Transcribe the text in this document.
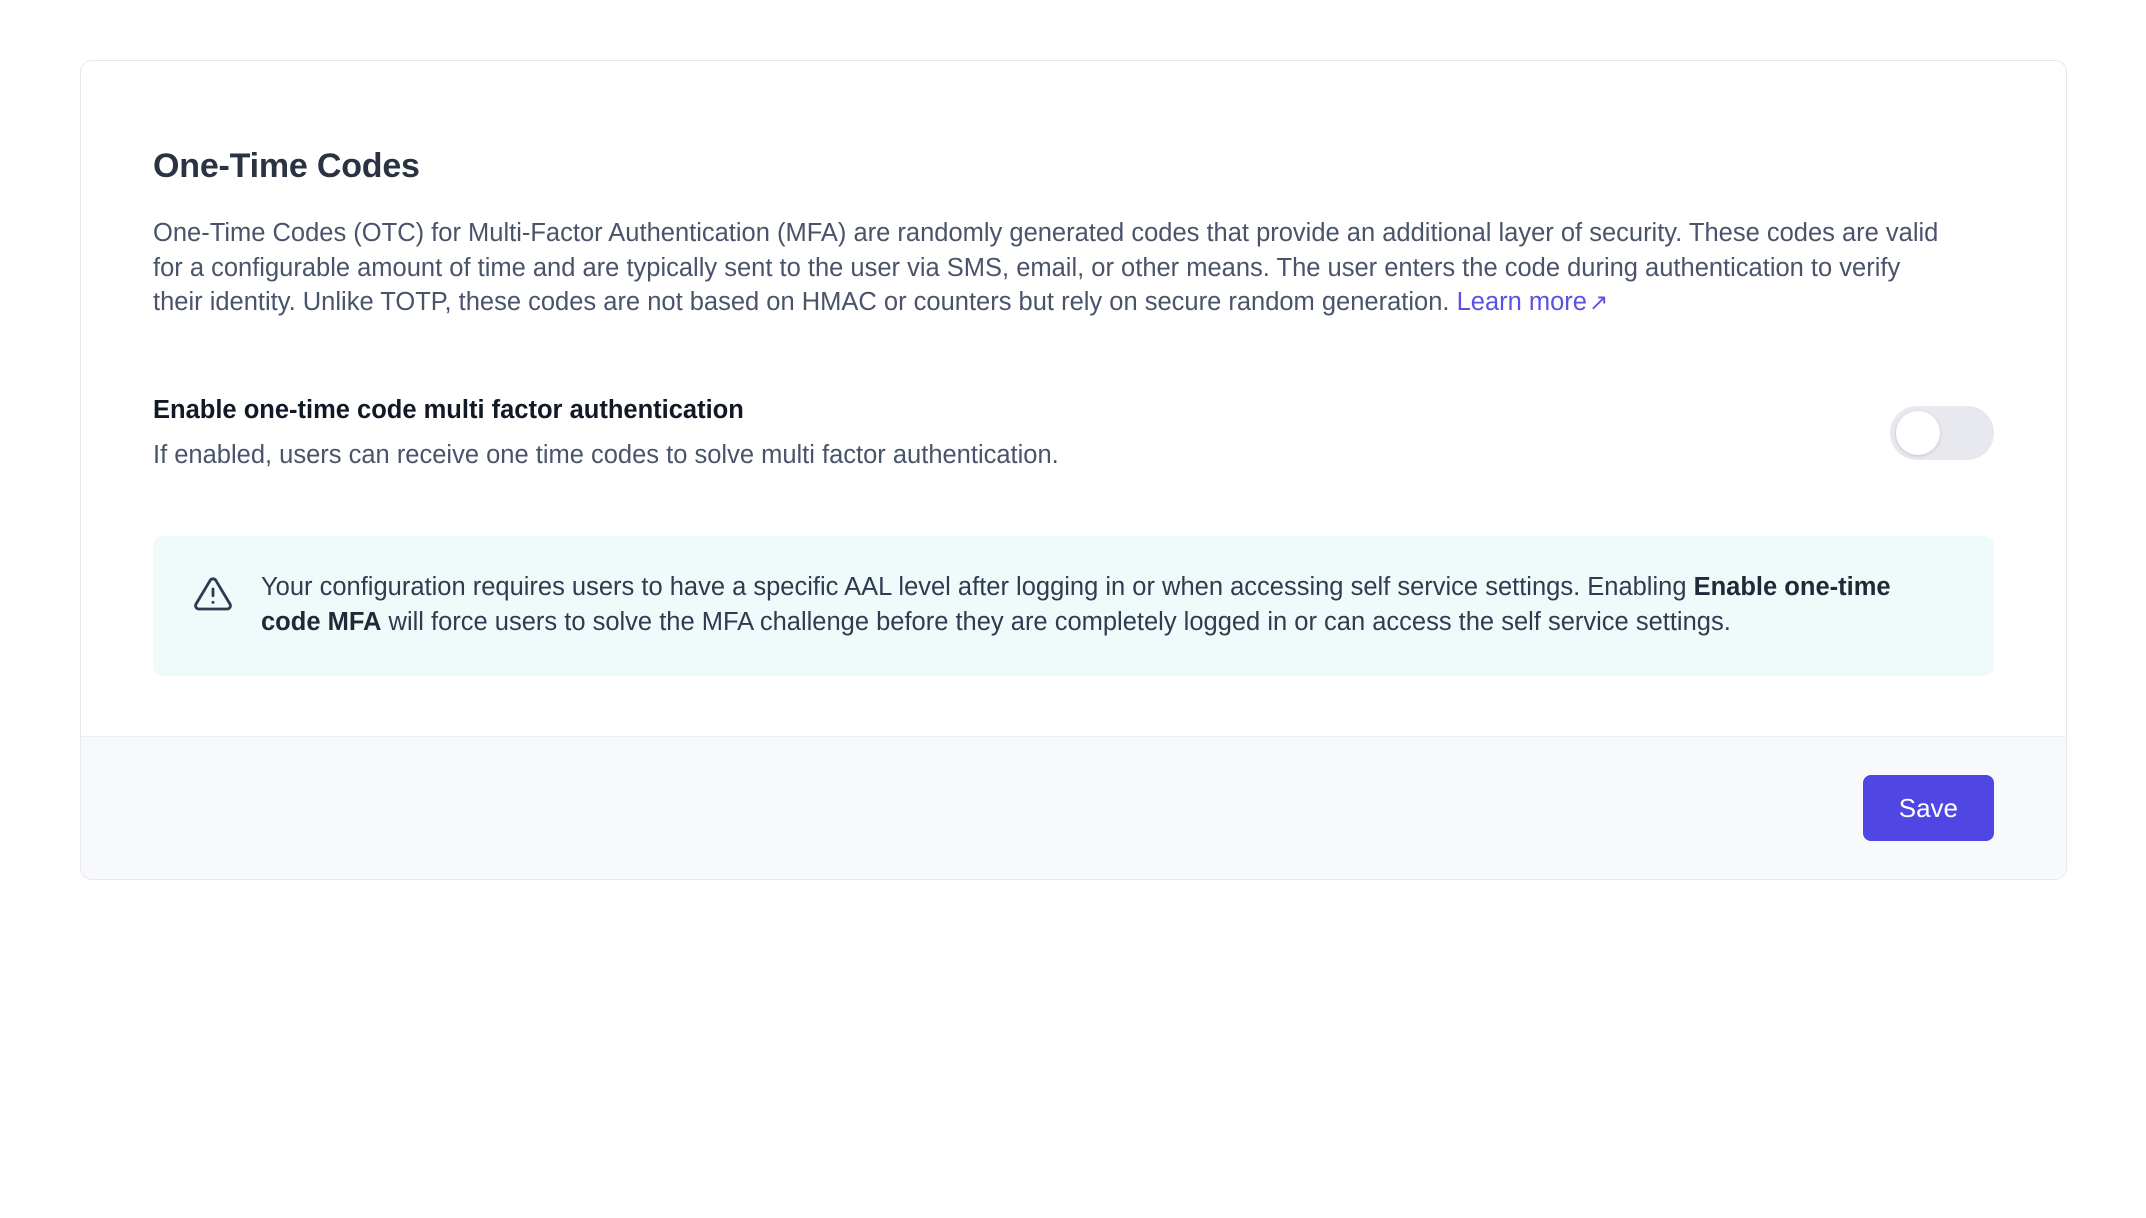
One-Time Codes

One-Time Codes (OTC) for Multi-Factor Authentication (MFA) are randomly generated codes that provide an additional layer of security. These codes are valid for a configurable amount of time and are typically sent to the user via SMS, email, or other means. The user enters the code during authentication to verify their identity. Unlike TOTP, these codes are not based on HMAC or counters but rely on secure random generation. Learn more↗

Enable one-time code multi factor authentication

If enabled, users can receive one time codes to solve multi factor authentication.

Your configuration requires users to have a specific AAL level after logging in or when accessing self service settings. Enabling Enable one-time code MFA will force users to solve the MFA challenge before they are completely logged in or can access the self service settings.
Save
